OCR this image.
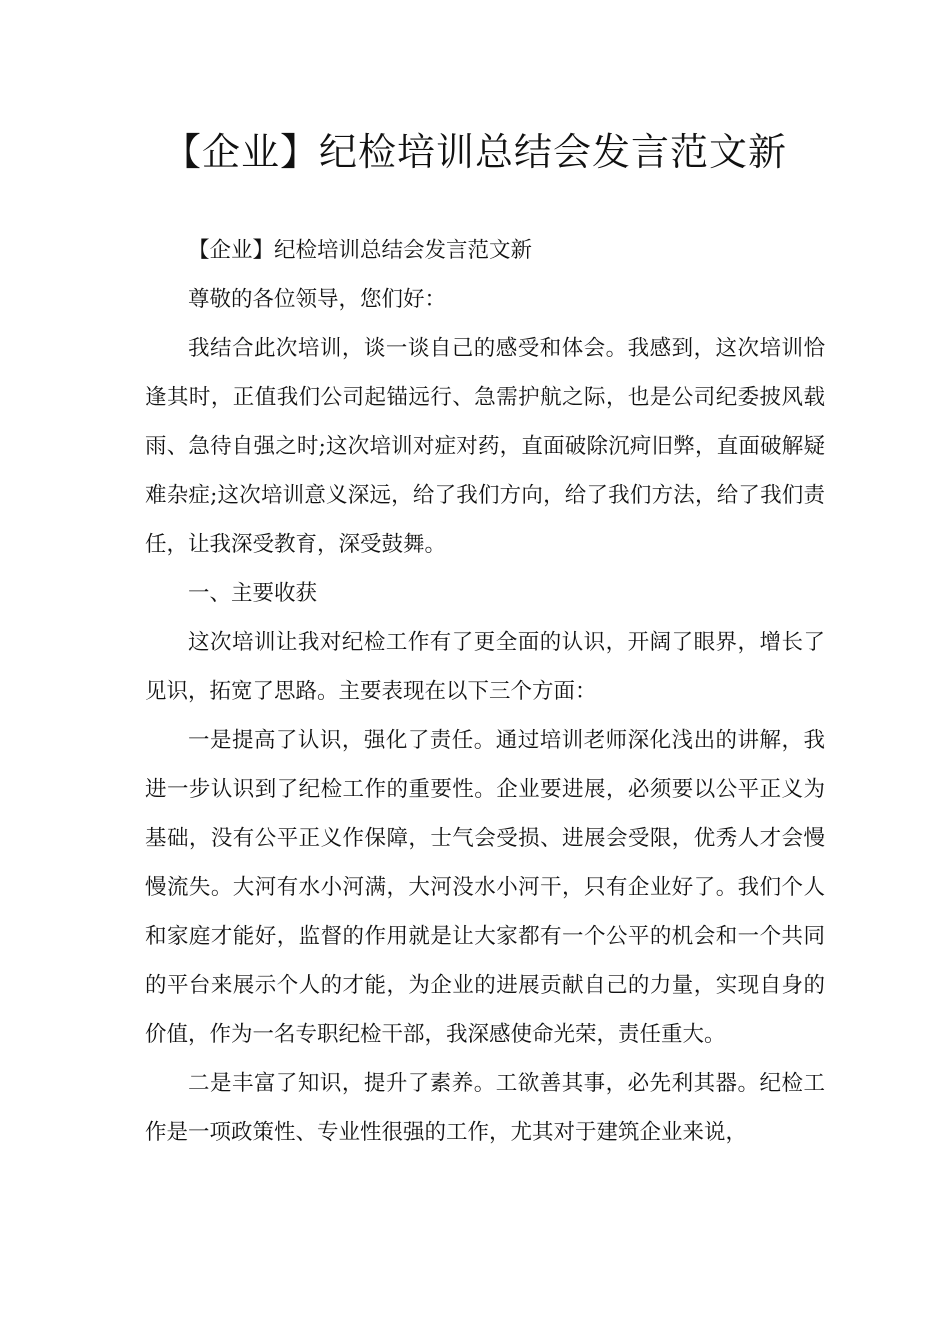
【企业】纪检培训总结会发言范文新

【企业】纪检培训总结会发言范文新

尊敬的各位领导，您们好：

我结合此次培训，谈一谈自己的感受和体会。我感到，这次培训恰逢其时，正值我们公司起锚远行、急需护航之际，也是公司纪委披风载雨、急待自强之时;这次培训对症对药，直面破除沉疴旧弊，直面破解疑难杂症;这次培训意义深远，给了我们方向，给了我们方法，给了我们责任，让我深受教育，深受鼓舞。

一、主要收获

这次培训让我对纪检工作有了更全面的认识，开阔了眼界，增长了见识，拓宽了思路。主要表现在以下三个方面：

一是提高了认识，强化了责任。通过培训老师深化浅出的讲解，我进一步认识到了纪检工作的重要性。企业要进展，必须要以公平正义为基础，没有公平正义作保障，士气会受损、进展会受限，优秀人才会慢慢流失。大河有水小河满，大河没水小河干，只有企业好了。我们个人和家庭才能好，监督的作用就是让大家都有一个公平的机会和一个共同的平台来展示个人的才能，为企业的进展贡献自己的力量，实现自身的价值，作为一名专职纪检干部，我深感使命光荣，责任重大。

二是丰富了知识，提升了素养。工欲善其事，必先利其器。纪检工作是一项政策性、专业性很强的工作，尤其对于建筑企业来说，
